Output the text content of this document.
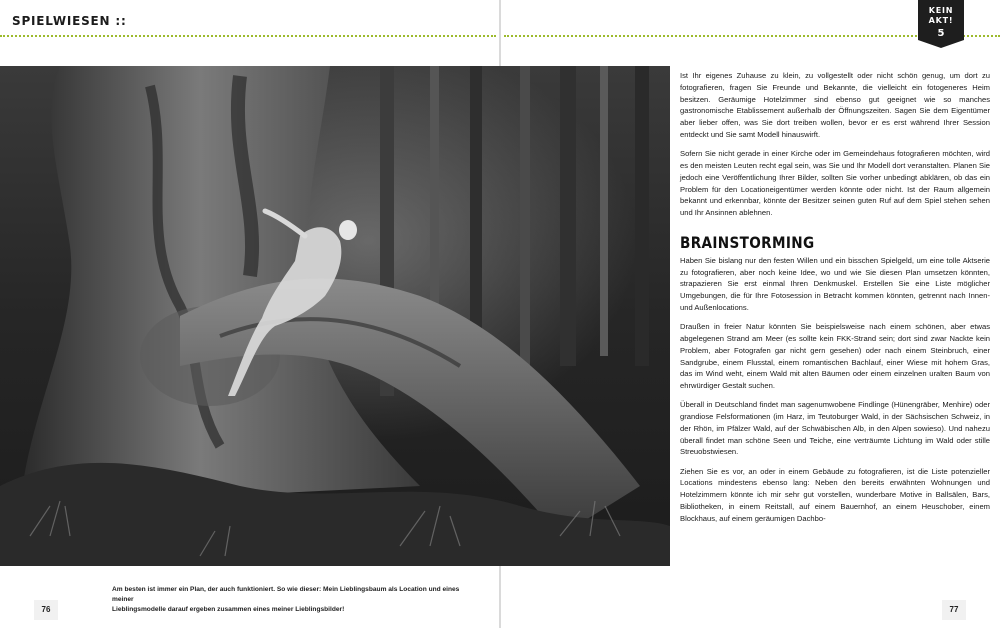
SPIELWIESEN ::
KEIN
AKT!
5
Am besten ist immer ein Plan, der auch funktioniert. So wie dieser: Mein Lieblingsbaum als Location und eines meiner
Lieblingsmodelle darauf ergeben zusammen eines meiner Lieblingsbilder!
76	77

Ist Ihr eigenes Zuhause zu klein, zu vollgestellt oder nicht schön genug, um dort zu fotografieren, fragen Sie Freunde und Bekannte, die vielleicht ein fotogeneres Heim besitzen. Geräumige Hotelzimmer sind ebenso gut geeignet wie so manches gastronomische Etablissement außerhalb der Öffnungszeiten. Sagen Sie dem Eigentümer aber lieber offen, was Sie dort treiben wollen, bevor er es erst während Ihrer Session entdeckt und Sie samt Modell hinauswirft.

Sofern Sie nicht gerade in einer Kirche oder im Gemeindehaus fotografieren möchten, wird es den meisten Leuten recht egal sein, was Sie und Ihr Modell dort veranstalten. Planen Sie jedoch eine Veröffentlichung Ihrer Bilder, sollten Sie vorher unbedingt abklären, ob das ein Problem für den Locationeigentümer werden könnte oder nicht. Ist der Raum allgemein bekannt und erkennbar, könnte der Besitzer seinen guten Ruf auf dem Spiel stehen sehen und Ihr Ansinnen ablehnen.

BRAINSTORMING

Haben Sie bislang nur den festen Willen und ein bisschen Spielgeld, um eine tolle Aktserie zu fotografieren, aber noch keine Idee, wo und wie Sie diesen Plan umsetzen könnten, strapazieren Sie erst einmal Ihren Denkmuskel. Erstellen Sie eine Liste möglicher Umgebungen, die für Ihre Fotosession in Betracht kommen könnten, getrennt nach Innen- und Außenlocations.

Draußen in freier Natur könnten Sie beispielsweise nach einem schönen, aber etwas abgelegenen Strand am Meer (es sollte kein FKK-Strand sein; dort sind zwar Nackte kein Problem, aber Fotografen gar nicht gern gesehen) oder nach einem Steinbruch, einer Sandgrube, einem Flusstal, einem romantischen Bachlauf, einer Wiese mit hohem Gras, das im Wind weht, einem Wald mit alten Bäumen oder einem einzelnen uralten Baum von ehrwürdiger Gestalt suchen.

Überall in Deutschland findet man sagenumwobene Findlinge (Hünengräber, Menhire) oder grandiose Felsformationen (im Harz, im Teutoburger Wald, in der Sächsischen Schweiz, in der Rhön, im Pfälzer Wald, auf der Schwäbischen Alb, in den Alpen sowieso). Und nahezu überall findet man schöne Seen und Teiche, eine verträumte Lichtung im Wald oder stille Streuobstwiesen.

Ziehen Sie es vor, an oder in einem Gebäude zu fotografieren, ist die Liste potenzieller Locations mindestens ebenso lang: Neben den bereits erwähnten Wohnungen und Hotelzimmern könnte ich mir sehr gut vorstellen, wunderbare Motive in Ballsälen, Bars, Bibliotheken, in einem Reitstall, auf einem Bauernhof, an einem Heuschober, einem Blockhaus, auf einem geräumigen Dachbo-
